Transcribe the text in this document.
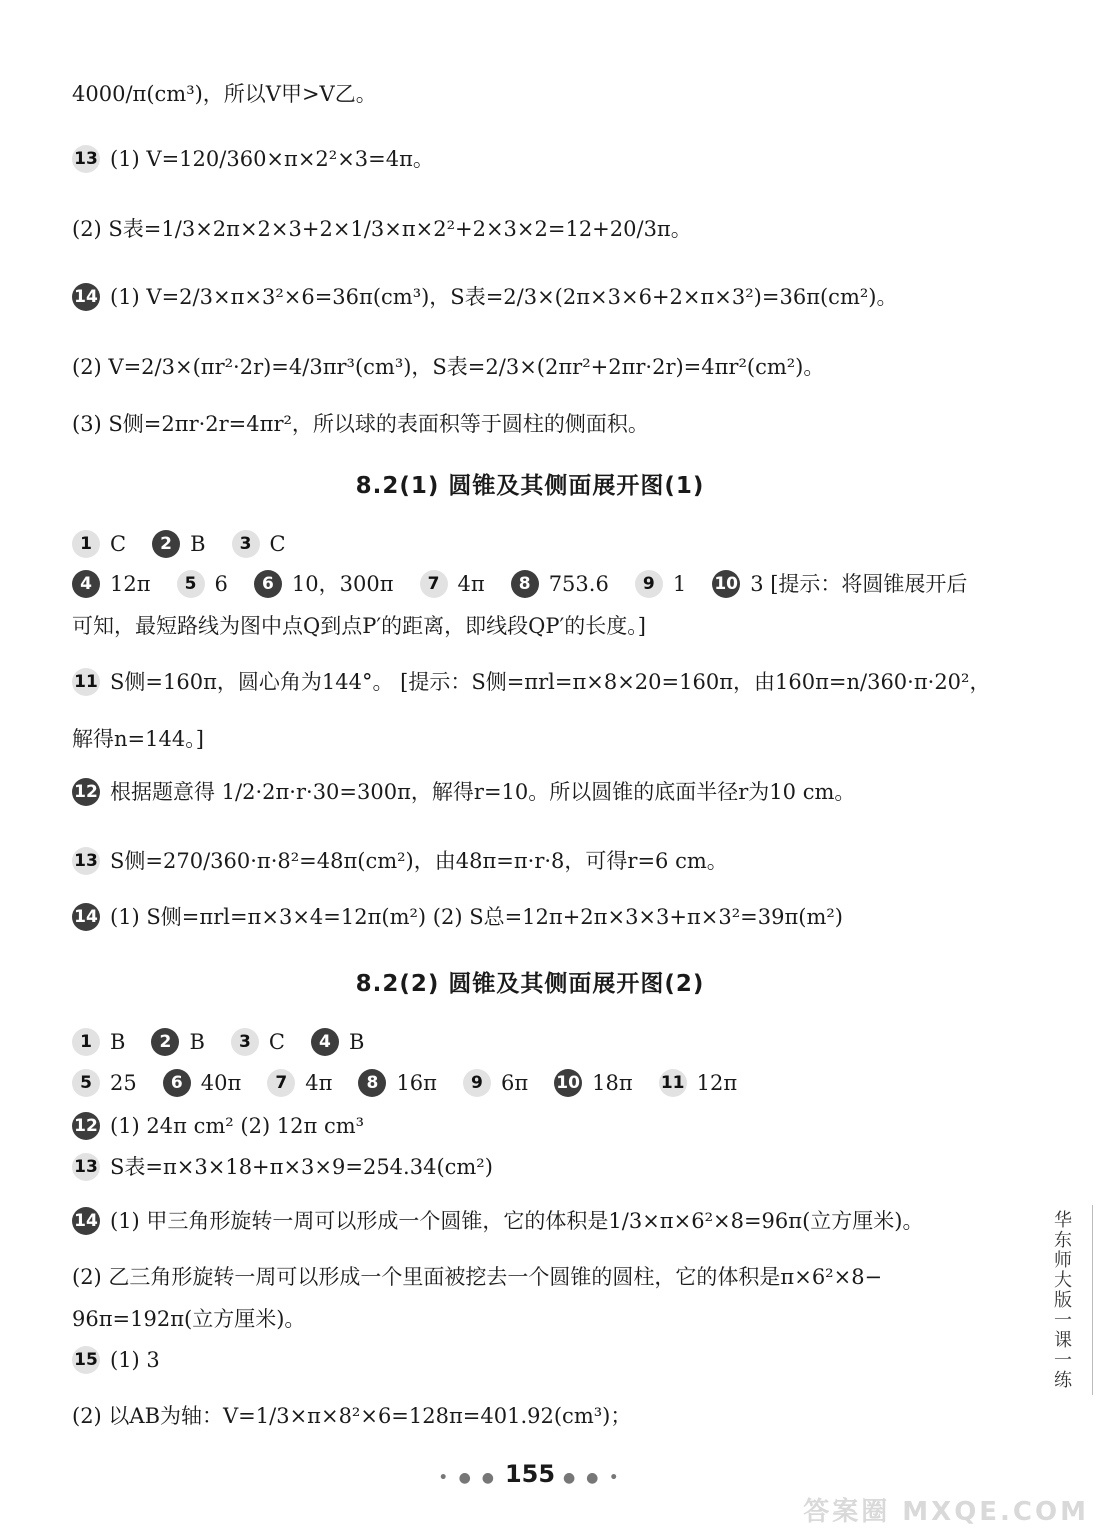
4000/π(cm³)，所以V甲>V乙。
13 (1) V=120/360×π×2²×3=4π。
(2) S表=1/3×2π×2×3+2×1/3×π×2²+2×3×2=12+20/3π。
14 (1) V=2/3×π×3²×6=36π(cm³)，S表=2/3×(2π×3×6+2×π×3²)=36π(cm²)。
(2) V=2/3×(πr²·2r)=4/3πr³(cm³)，S表=2/3×(2πr²+2πr·2r)=4πr²(cm²)。
(3) S侧=2πr·2r=4πr²，所以球的表面积等于圆柱的侧面积。
8.2(1) 圆锥及其侧面展开图(1)
1 C	2 B	3 C
4 12π	5 6	6 10，300π	7 4π	8 753.6	9 1 10 3 [提示：将圆锥展开后
可知，最短路线为图中点Q到点P′的距离，即线段QP′的长度。]
11 S侧=160π，圆心角为144°。 [提示：S侧=πrl=π×8×20=160π，由160π=n/360·π·20²，
解得n=144。]
12 根据题意得 1/2·2π·r·30=300π，解得r=10。所以圆锥的底面半径r为10 cm。
13 S侧=270/360·π·8²=48π(cm²)，由48π=π·r·8，可得r=6 cm。
14 (1) S侧=πrl=π×3×4=12π(m²) (2) S总=12π+2π×3×3+π×3²=39π(m²)
8.2(2) 圆锥及其侧面展开图(2)
1 B	2 B	3 C	4 B
5 25	6 40π	7 4π	8 16π	9 6π 10 18π 11 12π
12 (1) 24π cm² (2) 12π cm³
13 S表=π×3×18+π×3×9=254.34(cm²)
14 (1) 甲三角形旋转一周可以形成一个圆锥，它的体积是1/3×π×6²×8=96π(立方厘米)。
(2) 乙三角形旋转一周可以形成一个里面被挖去一个圆锥的圆柱，它的体积是π×6²×8−
96π=192π(立方厘米)。
15 (1) 3
(2) 以AB为轴：V=1/3×π×8²×6=128π=401.92(cm³)；
华东师大版一课一练
• ● ● 155 ● ● •
答案圈 MXQE.COM
